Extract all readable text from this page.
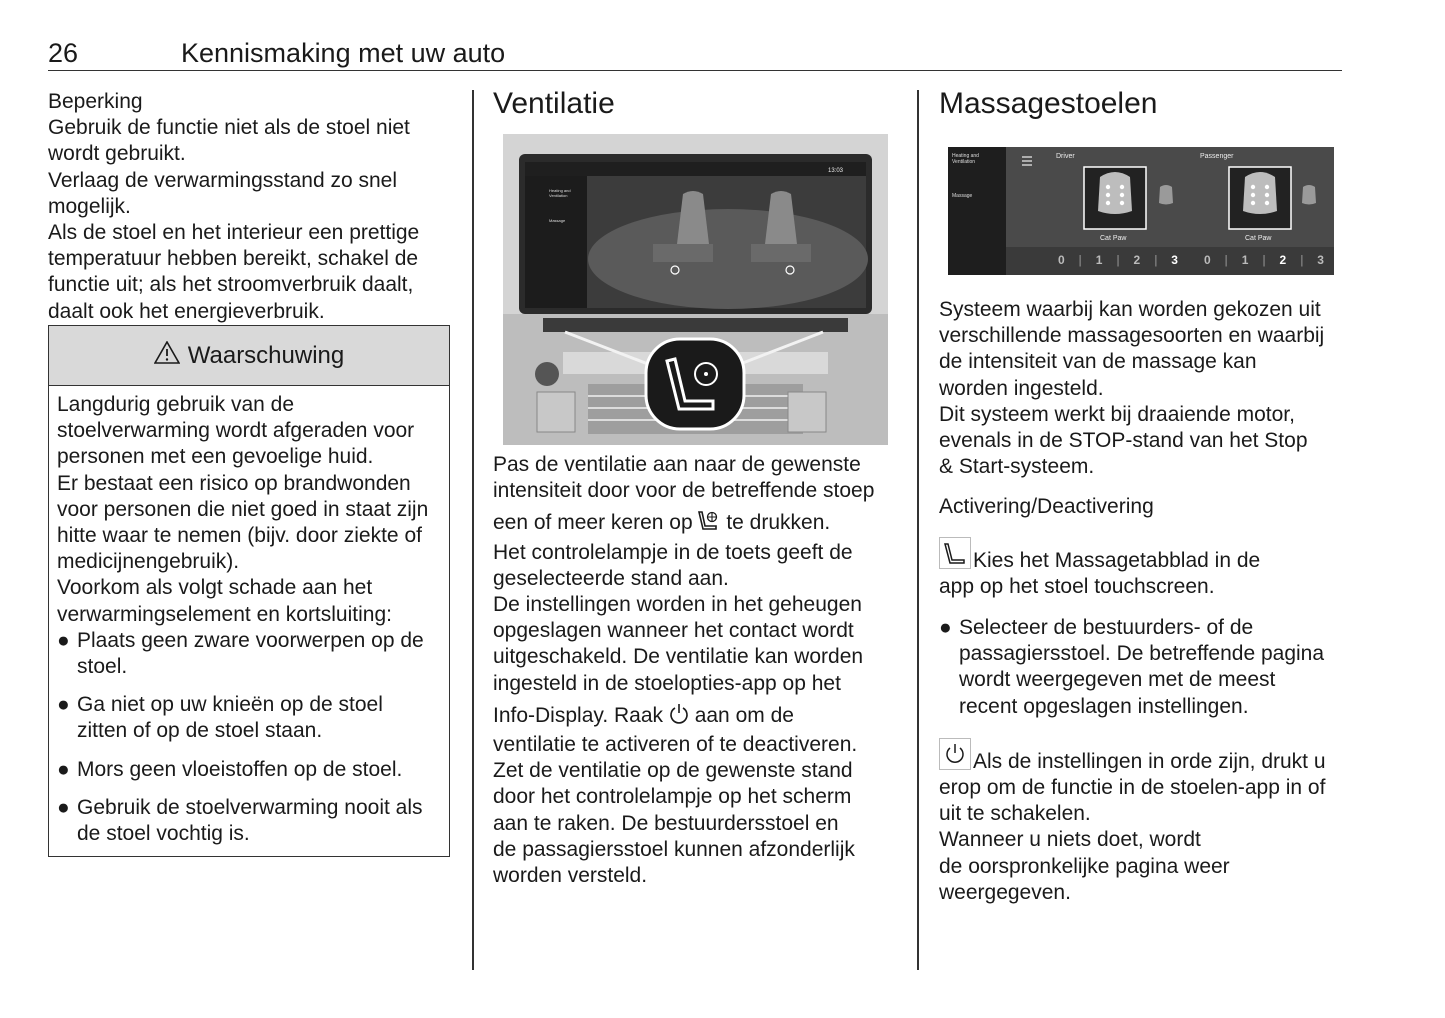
26	Kennismaking met uw auto

Beperking

Gebruik de functie niet als de stoel niet

wordt gebruikt.

Verlaag de verwarmingsstand zo snel

mogelijk.

Als de stoel en het interieur een prettige

temperatuur hebben bereikt, schakel de

functie uit; als het stroomverbruik daalt,

daalt ook het energieverbruik.

Waarschuwing

Langdurig gebruik van de

stoelverwarming wordt afgeraden voor

personen met een gevoelige huid.

Er bestaat een risico op brandwonden

voor personen die niet goed in staat zijn

hitte waar te nemen (bijv. door ziekte of

medicijnengebruik).

Voorkom als volgt schade aan het

verwarmingselement en kortsluiting:

● Plaats geen zware voorwerpen op de
stoel.
● Ga niet op uw knieën op de stoel
zitten of op de stoel staan.
● Mors geen vloeistoffen op de stoel.
● Gebruik de stoelverwarming nooit als
de stoel vochtig is.
Ventilatie
Heating and Ventilation
Massage
13:03

Pas de ventilatie aan naar de gewenste

intensiteit door voor de betreffende stoep

een of meer keren op te drukken.

Het controlelampje in de toets geeft de

geselecteerde stand aan.

De instellingen worden in het geheugen

opgeslagen wanneer het contact wordt

uitgeschakeld. De ventilatie kan worden

ingesteld in de stoelopties-app op het

Info-Display. Raak aan om de

ventilatie te activeren of te deactiveren.

Zet de ventilatie op de gewenste stand

door het controlelampje op het scherm

aan te raken. De bestuurdersstoel en

de passagiersstoel kunnen afzonderlijk

worden versteld.

Massagestoelen
Heating and Ventilation
Massage
Driver	Passenger
Cat Paw	Cat Paw
0 | 1 | 2 | 3 0 | 1 | 2 | 3

Systeem waarbij kan worden gekozen uit

verschillende massagesoorten en waarbij

de intensiteit van de massage kan

worden ingesteld.

Dit systeem werkt bij draaiende motor,

evenals in de STOP-stand van het Stop

& Start-systeem.

Activering/Deactivering

Kies het Massagetabblad in de

app op het stoel touchscreen.

● Selecteer de bestuurders- of de
passagiersstoel. De betreffende pagina
wordt weergegeven met de meest
recent opgeslagen instellingen.

Als de instellingen in orde zijn, drukt u

erop om de functie in de stoelen-app in of

uit te schakelen.

Wanneer u niets doet, wordt

de oorspronkelijke pagina weer

weergegeven.
